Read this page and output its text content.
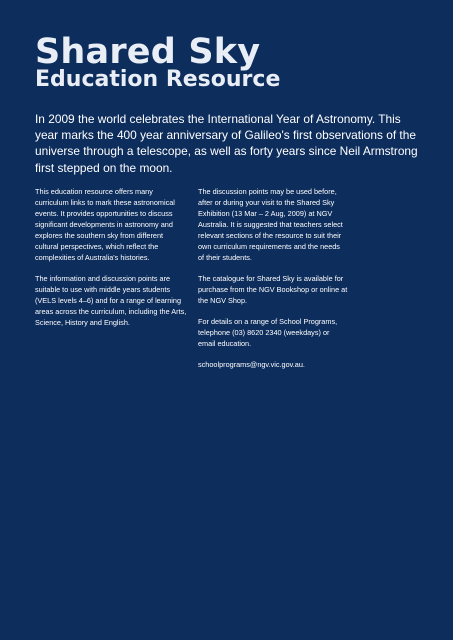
Shared Sky
Education Resource

In 2009 the world celebrates the International Year of Astronomy. This year marks the 400 year anniversary of Galileo's first observations of the universe through a telescope, as well as forty years since Neil Armstrong first stepped on the moon.

This education resource offers many curriculum links to mark these astronomical events. It provides opportunities to discuss significant developments in astronomy and explores the southern sky from different cultural perspectives, which reflect the complexities of Australia's histories.

The information and discussion points are suitable to use with middle years students (VELS levels 4–6) and for a range of learning areas across the curriculum, including the Arts, Science, History and English.

The discussion points may be used before, after or during your visit to the Shared Sky Exhibition (13 Mar – 2 Aug, 2009) at NGV Australia. It is suggested that teachers select relevant sections of the resource to suit their own curriculum requirements and the needs of their students.

The catalogue for Shared Sky is available for purchase from the NGV Bookshop or online at the NGV Shop.

For details on a range of School Programs, telephone (03) 8620 2340 (weekdays) or email education.

schoolprograms@ngv.vic.gov.au.
